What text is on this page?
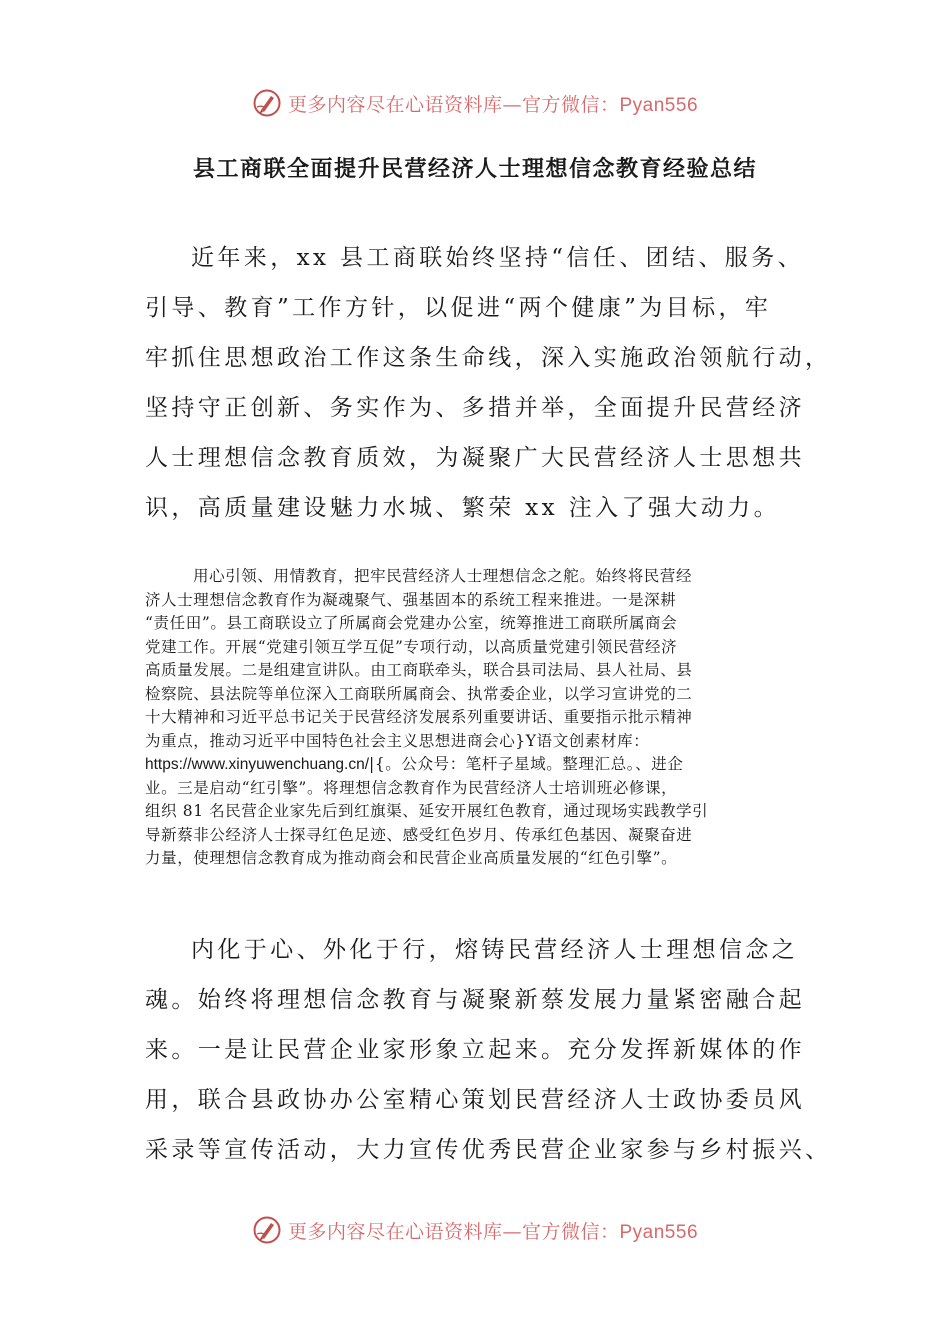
更多内容尽在心语资料库—官方微信：Pyan556
县工商联全面提升民营经济人士理想信念教育经验总结
近年来，xx 县工商联始终坚持“信任、团结、服务、
引导、教育”工作方针，以促进“两个健康”为目标，牢
牢抓住思想政治工作这条生命线，深入实施政治领航行动，
坚持守正创新、务实作为、多措并举，全面提升民营经济
人士理想信念教育质效，为凝聚广大民营经济人士思想共
识，高质量建设魅力水城、繁荣 xx 注入了强大动力。
用心引领、用情教育，把牢民营经济人士理想信念之舵。始终将民营经
济人士理想信念教育作为凝魂聚气、强基固本的系统工程来推进。一是深耕
“责任田”。县工商联设立了所属商会党建办公室，统筹推进工商联所属商会
党建工作。开展“党建引领互学互促”专项行动，以高质量党建引领民营经济
高质量发展。二是组建宣讲队。由工商联牵头，联合县司法局、县人社局、县
检察院、县法院等单位深入工商联所属商会、执常委企业，以学习宣讲党的二
十大精神和习近平总书记关于民营经济发展系列重要讲话、重要指示批示精神
为重点，推动习近平中国特色社会主义思想进商会心}Y语文创素材库：
https://www.xinyuwenchuang.cn/|{。公众号：笔杆子星域。整理汇总。、进企
业。三是启动“红引擎”。将理想信念教育作为民营经济人士培训班必修课，
组织 81 名民营企业家先后到红旗渠、延安开展红色教育，通过现场实践教学引
导新蔡非公经济人士探寻红色足迹、感受红色岁月、传承红色基因、凝聚奋进
力量，使理想信念教育成为推动商会和民营企业高质量发展的“红色引擎”。
内化于心、外化于行，熔铸民营经济人士理想信念之
魂。始终将理想信念教育与凝聚新蔡发展力量紧密融合起
来。一是让民营企业家形象立起来。充分发挥新媒体的作
用，联合县政协办公室精心策划民营经济人士政协委员风
采录等宣传活动，大力宣传优秀民营企业家参与乡村振兴、
更多内容尽在心语资料库—官方微信：Pyan556
